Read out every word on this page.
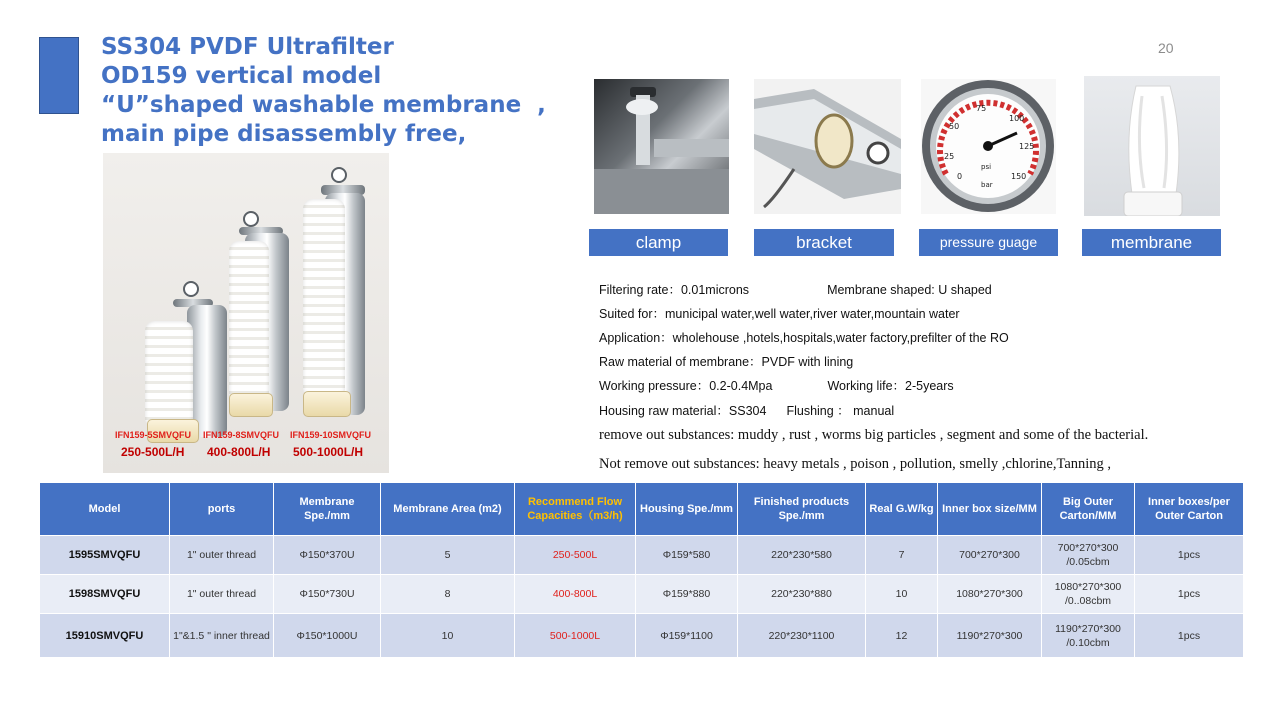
SS304 PVDF Ultrafilter
OD159 vertical model
“U”shaped washable membrane  ,
main pipe disassembly free,
20
IFN159-5SMVQFU IFN159-8SMVQFU IFN159-10SMVQFU
250-500L/H 400-800L/H 500-1000L/H
0
25
50
75
100
125
150
psi
bar
clamp	bracket	pressure guage	membrane
Filtering rate：0.01microns	Membrane shaped: U shaped
Suited for：municipal water,well water,river water,mountain water
Application：wholehouse ,hotels,hospitals,water factory,prefilter of the RO
Raw material of membrane：PVDF with lining
Working pressure：0.2-0.4Mpa	Working life：2-5years
Housing raw material：SS304 Flushing ： manual
remove out substances: muddy , rust , worms big particles , segment and some of the bacterial.
Not remove out substances: heavy metals , poison , pollution, smelly ,chlorine,Tanning ,
Model	ports	Membrane Spe./mm	Membrane Area (m2)	Recommend Flow Capacities（m3/h)	Housing Spe./mm	Finished products Spe./mm	Real G.W/kg	Inner box size/MM	Big Outer Carton/MM	Inner boxes/per Outer Carton
1595SMVQFU	1" outer thread	Φ150*370U	5	250-500L	Φ159*580	220*230*580	7	700*270*300	700*270*300 /0.05cbm	1pcs
1598SMVQFU	1" outer thread	Φ150*730U	8	400-800L	Φ159*880	220*230*880	10	1080*270*300	1080*270*300 /0..08cbm	1pcs
15910SMVQFU	1"&1.5 " inner thread	Φ150*1000U	10	500-1000L	Φ159*1100	220*230*1100	12	1190*270*300	1190*270*300 /0.10cbm	1pcs
